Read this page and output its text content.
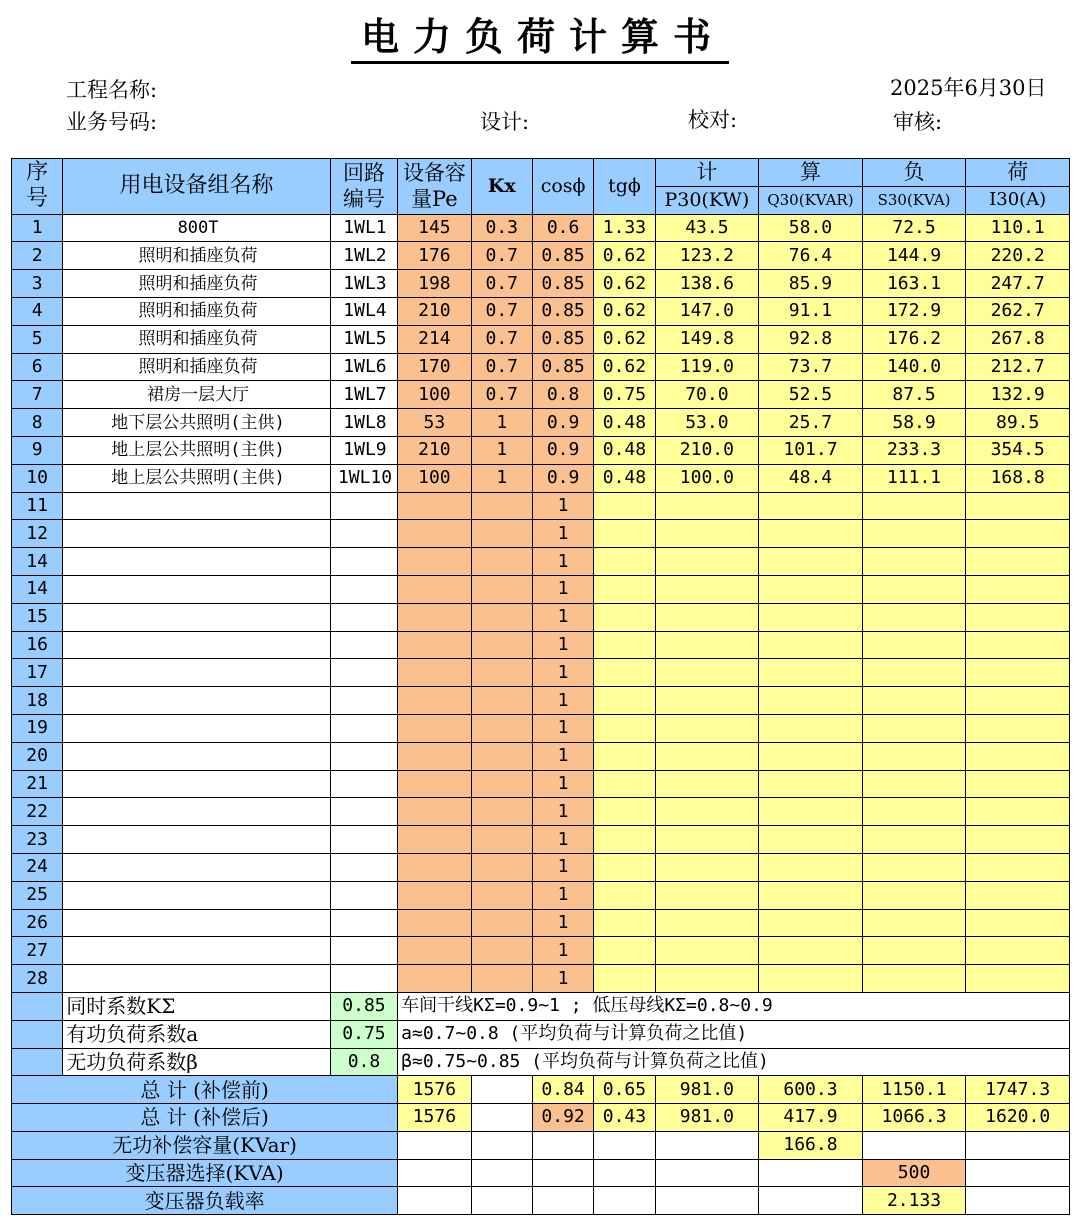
电力负荷计算书
工程名称:	2025年6月30日
业务号码:	设计:	校对:	审核:
序号	用电设备组名称	回路编号	设备容量Pe	Kx	cosϕ	tgϕ	计	算	负	荷
							P30(KW)	Q30(KVAR)	S30(KVA)	I30(A)
1	800T	1WL1	145	0.3	0.6	1.33	43.5	58.0	72.5	110.1
2	照明和插座负荷	1WL2	176	0.7	0.85	0.62	123.2	76.4	144.9	220.2
3	照明和插座负荷	1WL3	198	0.7	0.85	0.62	138.6	85.9	163.1	247.7
4	照明和插座负荷	1WL4	210	0.7	0.85	0.62	147.0	91.1	172.9	262.7
5	照明和插座负荷	1WL5	214	0.7	0.85	0.62	149.8	92.8	176.2	267.8
6	照明和插座负荷	1WL6	170	0.7	0.85	0.62	119.0	73.7	140.0	212.7
7	裙房一层大厅	1WL7	100	0.7	0.8	0.75	70.0	52.5	87.5	132.9
8	地下层公共照明(主供)	1WL8	53	1	0.9	0.48	53.0	25.7	58.9	89.5
9	地上层公共照明(主供)	1WL9	210	1	0.9	0.48	210.0	101.7	233.3	354.5
10	地上层公共照明(主供)	1WL10	100	1	0.9	0.48	100.0	48.4	111.1	168.8
11					1					
12					1					
14					1					
14					1					
15					1					
16					1					
17					1					
18					1					
19					1					
20					1					
21					1					
22					1					
23					1					
24					1					
25					1					
26					1					
27					1					
28					1					
	同时系数KΣ	0.85	车间干线KΣ=0.9~1 ; 低压母线KΣ=0.8~0.9							
	有功负荷系数a	0.75	a≈0.7~0.8 (平均负荷与计算负荷之比值)							
	无功负荷系数β	0.8	β≈0.75~0.85 (平均负荷与计算负荷之比值)							
总 计 (补偿前)			1576		0.84	0.65	981.0	600.3	1150.1	1747.3
总 计 (补偿后)			1576		0.92	0.43	981.0	417.9	1066.3	1620.0
无功补偿容量(KVar)								166.8		
变压器选择(KVA)									500	
变压器负载率									2.133	
